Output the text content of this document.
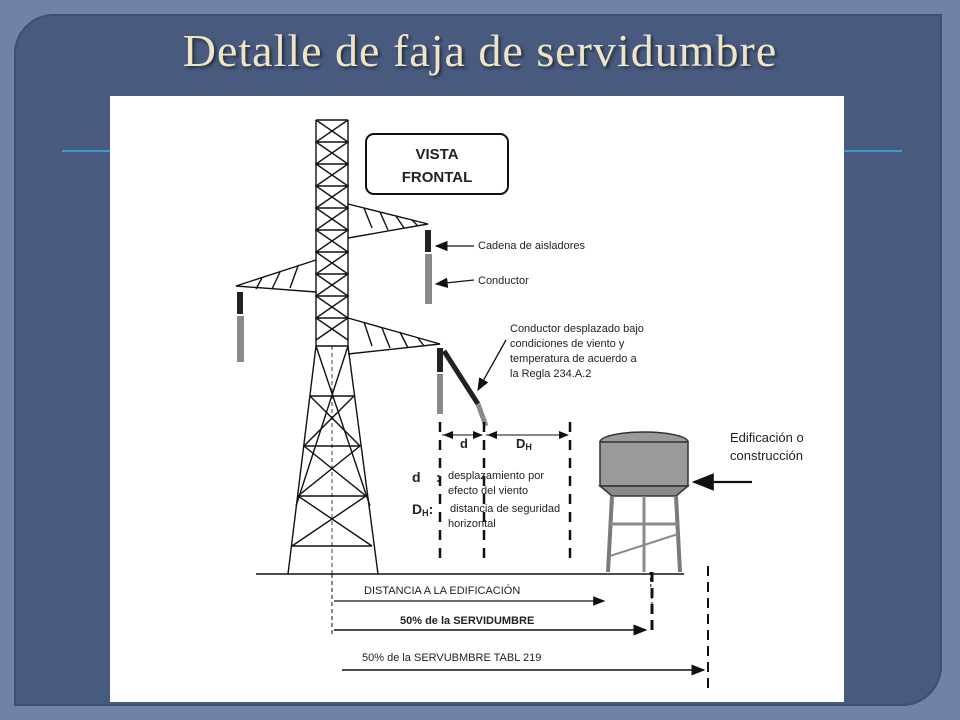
Detalle de faja de servidumbre
VISTA
FRONTAL
Cadena de aisladores
Conductor
Conductor desplazado bajo
condiciones de viento y
temperatura de acuerdo a
la Regla 234.A.2
Edificación o
construcción
d	DH
d : desplazamiento por
efecto del viento
DH: distancia de seguridad
horizontal
DISTANCIA A LA EDIFICACIÓN
50% de la SERVIDUMBRE
50% de la SERVUBMBRE TABL 219
